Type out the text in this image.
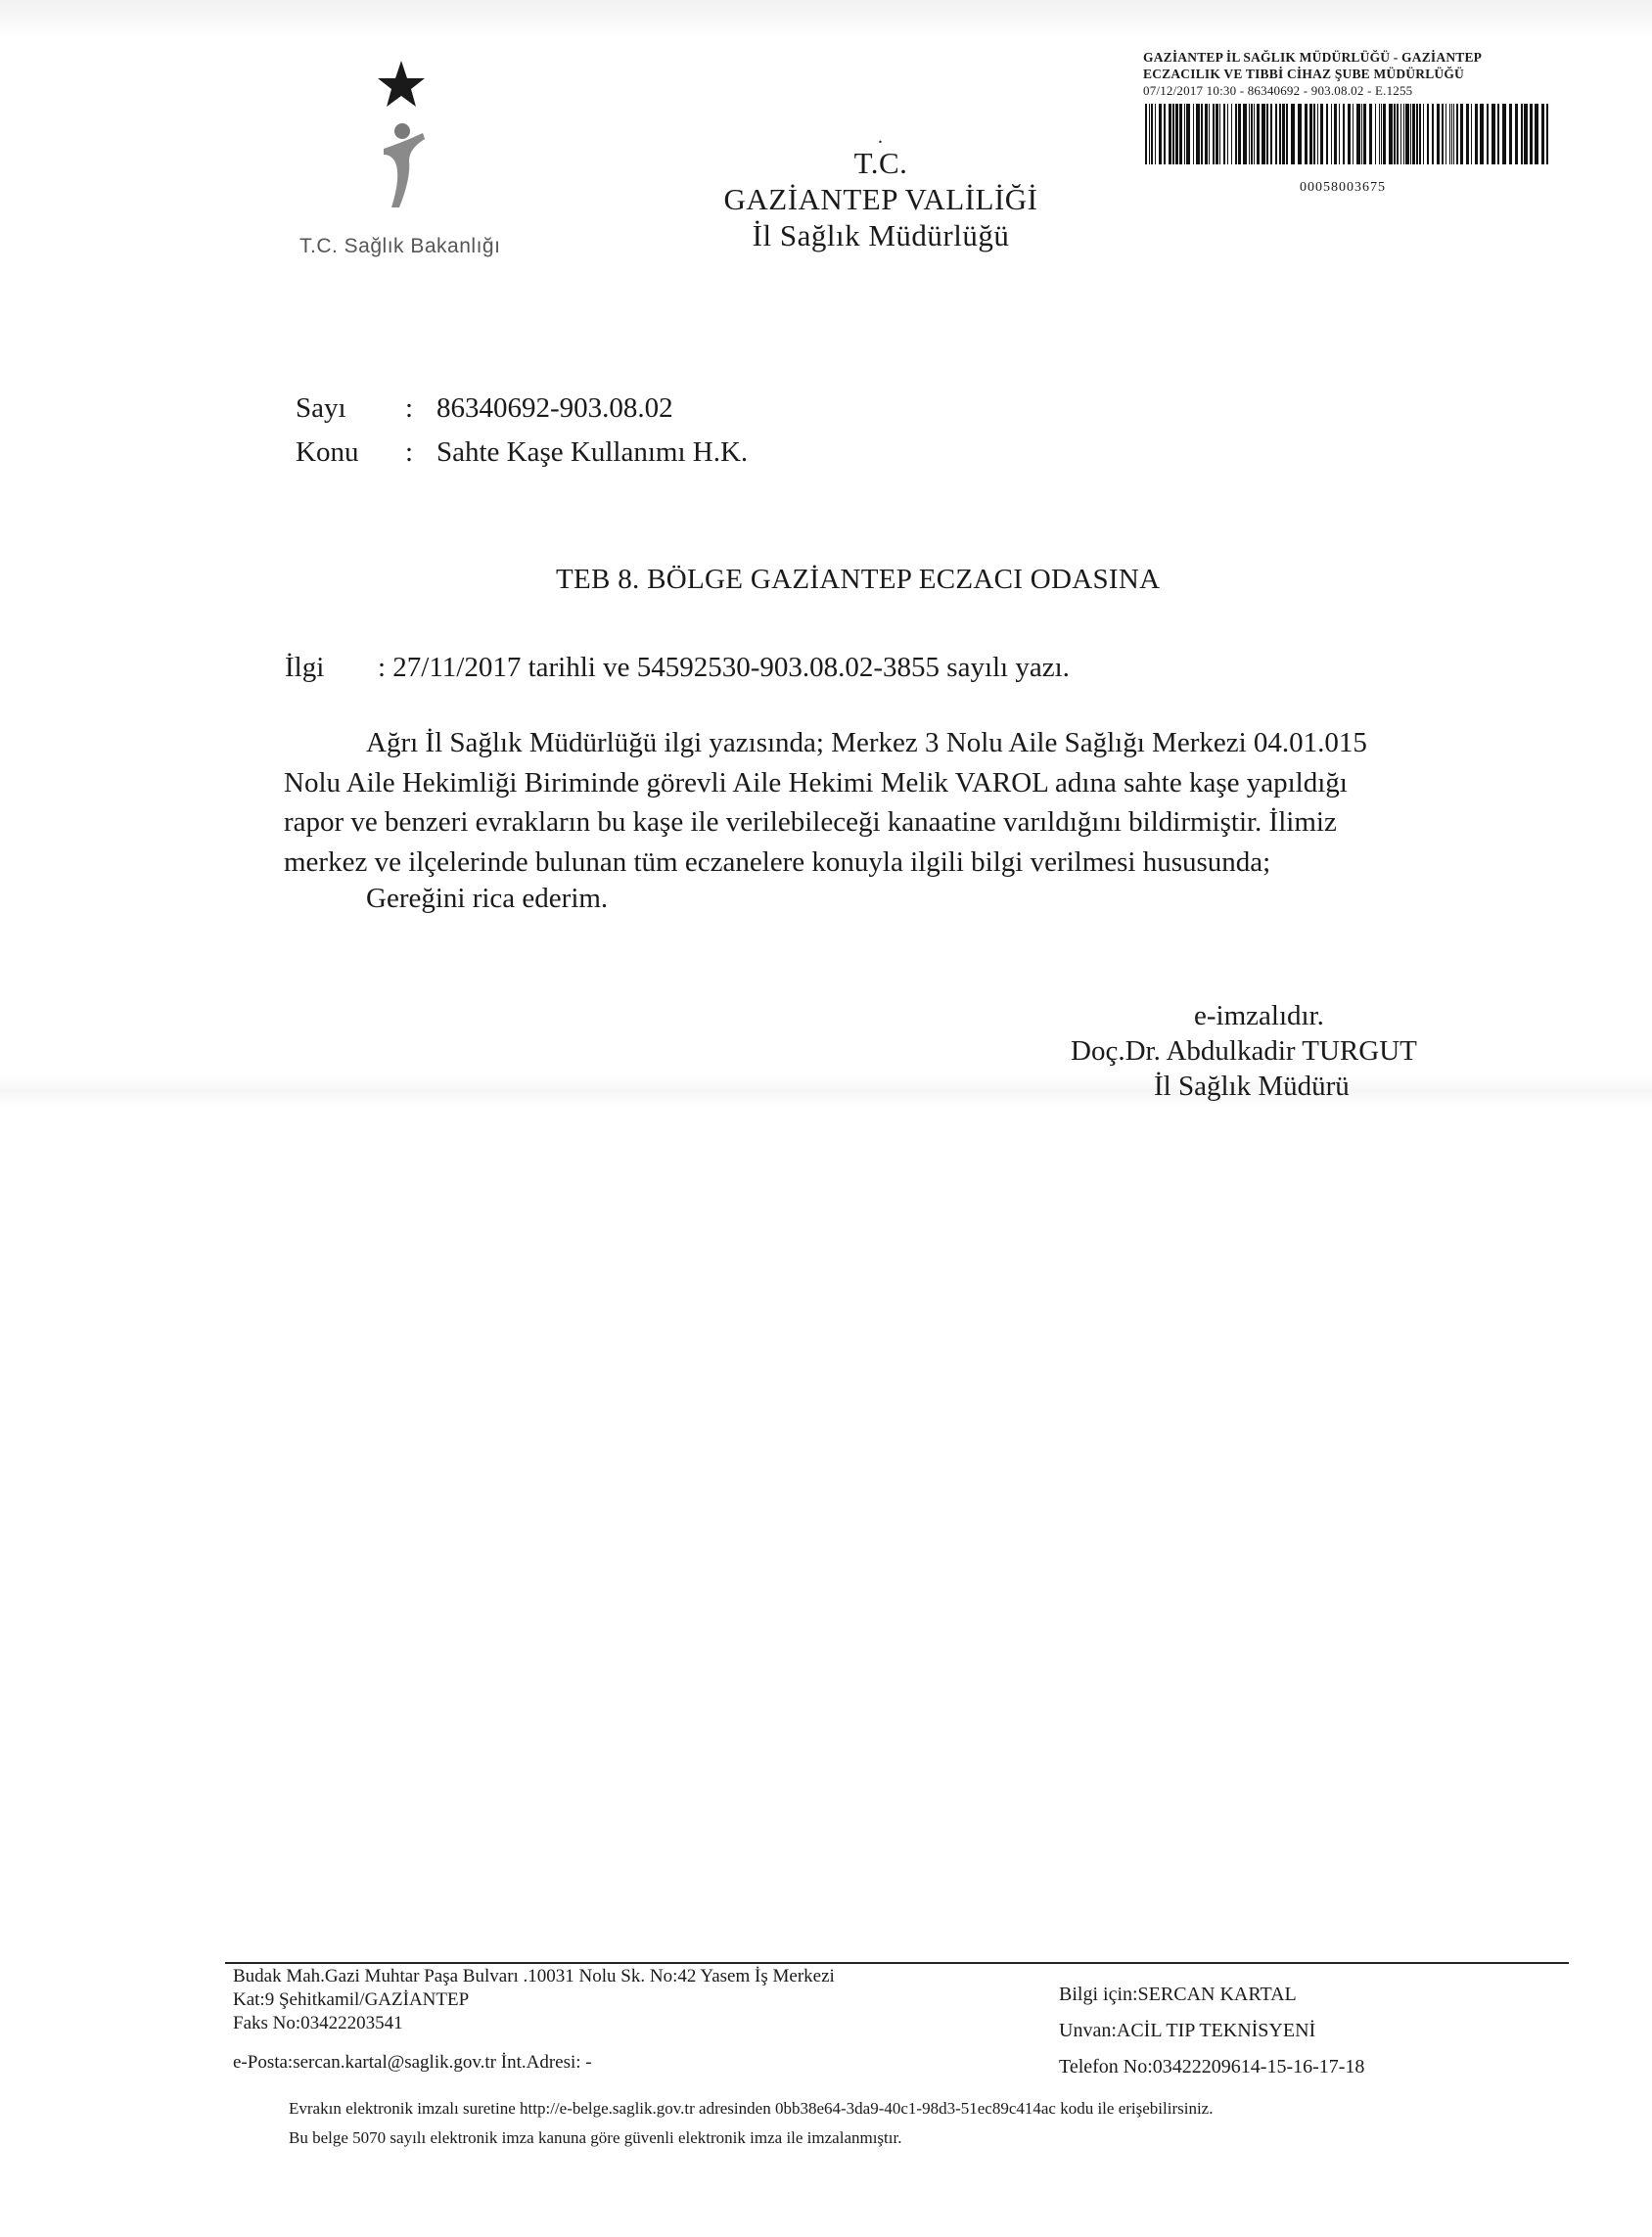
T.C. Sağlık Bakanlığı
.
T.C.
GAZİANTEP VALİLİĞİ
İl Sağlık Müdürlüğü
GAZİANTEP İL SAĞLIK MÜDÜRLÜĞÜ - GAZİANTEP
ECZACILIK VE TIBBİ CİHAZ ŞUBE MÜDÜRLÜĞÜ
07/12/2017 10:30 - 86340692 - 903.08.02 - E.1255
00058003675
Sayı : 86340692-903.08.02
Konu : Sahte Kaşe Kullanımı H.K.
TEB 8. BÖLGE GAZİANTEP ECZACI ODASINA
İlgi : 27/11/2017 tarihli ve 54592530-903.08.02-3855 sayılı yazı.
Ağrı İl Sağlık Müdürlüğü ilgi yazısında; Merkez 3 Nolu Aile Sağlığı Merkezi 04.01.015
Nolu Aile Hekimliği Biriminde görevli Aile Hekimi Melik VAROL adına sahte kaşe yapıldığı
rapor ve benzeri evrakların bu kaşe ile verilebileceği kanaatine varıldığını bildirmiştir. İlimiz
merkez ve ilçelerinde bulunan tüm eczanelere konuyla ilgili bilgi verilmesi hususunda;
Gereğini rica ederim.
e-imzalıdır.
Doç.Dr. Abdulkadir TURGUT
İl Sağlık Müdürü
Budak Mah.Gazi Muhtar Paşa Bulvarı .10031 Nolu Sk. No:42 Yasem İş Merkezi
Kat:9 Şehitkamil/GAZİANTEP
Faks No:03422203541
Bilgi için:SERCAN KARTAL
Unvan:ACİL TIP TEKNİSYENİ
Telefon No:03422209614-15-16-17-18
e-Posta:sercan.kartal@saglik.gov.tr İnt.Adresi: -
Evrakın elektronik imzalı suretine http://e-belge.saglik.gov.tr adresinden 0bb38e64-3da9-40c1-98d3-51ec89c414ac kodu ile erişebilirsiniz.
Bu belge 5070 sayılı elektronik imza kanuna göre güvenli elektronik imza ile imzalanmıştır.
